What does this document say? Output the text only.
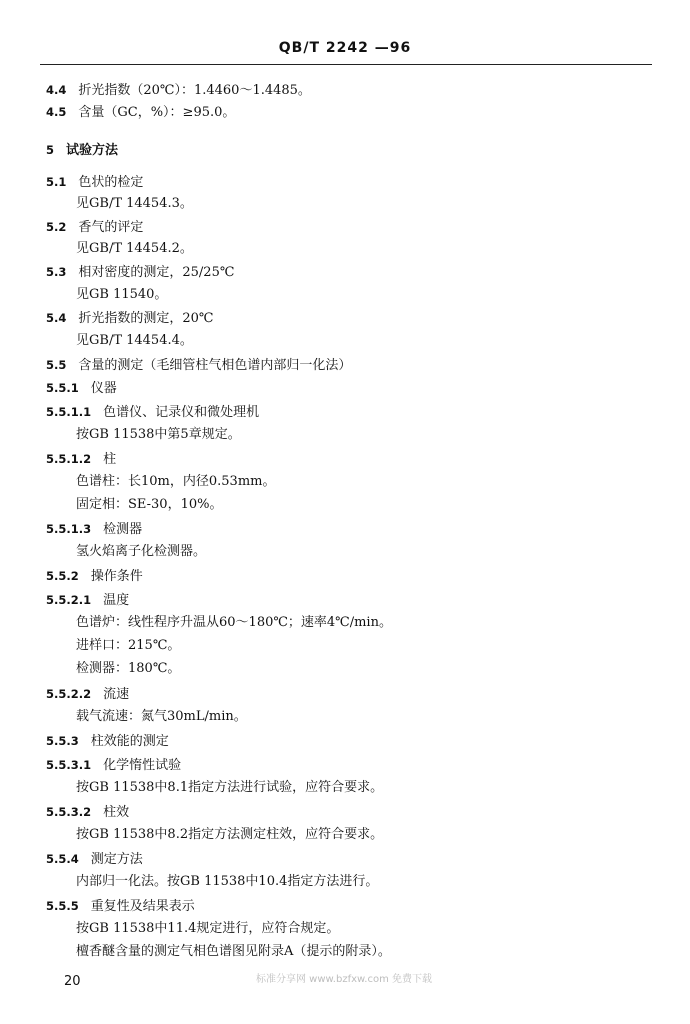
QB/T 2242 —96
4.4 折光指数（20℃）：1.4460～1.4485。
4.5 含量（GC，%）：≥95.0。
5 试验方法
5.1 色状的检定
见GB/T 14454.3。
5.2 香气的评定
见GB/T 14454.2。
5.3 相对密度的测定，25/25℃
见GB 11540。
5.4 折光指数的测定，20℃
见GB/T 14454.4。
5.5 含量的测定（毛细管柱气相色谱内部归一化法）
5.5.1 仪器
5.5.1.1 色谱仪、记录仪和微处理机
按GB 11538中第5章规定。
5.5.1.2 柱
色谱柱：长10m，内径0.53mm。
固定相：SE-30，10%。
5.5.1.3 检测器
氢火焰离子化检测器。
5.5.2 操作条件
5.5.2.1 温度
色谱炉：线性程序升温从60～180℃；速率4℃/min。
进样口：215℃。
检测器：180℃。
5.5.2.2 流速
载气流速：氮气30mL/min。
5.5.3 柱效能的测定
5.5.3.1 化学惰性试验
按GB 11538中8.1指定方法进行试验，应符合要求。
5.5.3.2 柱效
按GB 11538中8.2指定方法测定柱效，应符合要求。
5.5.4 测定方法
内部归一化法。按GB 11538中10.4指定方法进行。
5.5.5 重复性及结果表示
按GB 11538中11.4规定进行，应符合规定。
檀香醚含量的测定气相色谱图见附录A（提示的附录）。
20	标准分享网 www.bzfxw.com 免费下载
